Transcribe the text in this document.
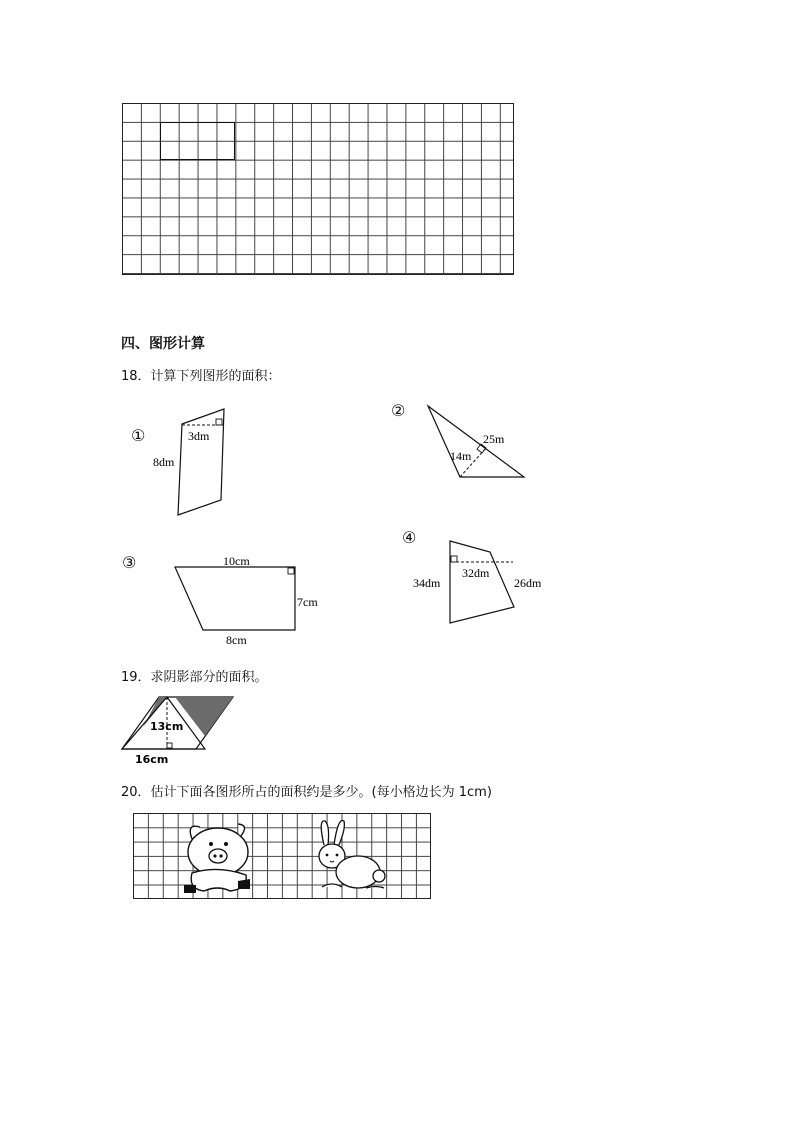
四、图形计算
18．计算下列图形的面积：
①	3dm
8dm
②
25m
14m
③	10cm
7cm
8cm
④
32dm
34dm	26dm
19．求阴影部分的面积。
13cm
16cm
20．估计下面各图形所占的面积约是多少。(每小格边长为 1cm)
